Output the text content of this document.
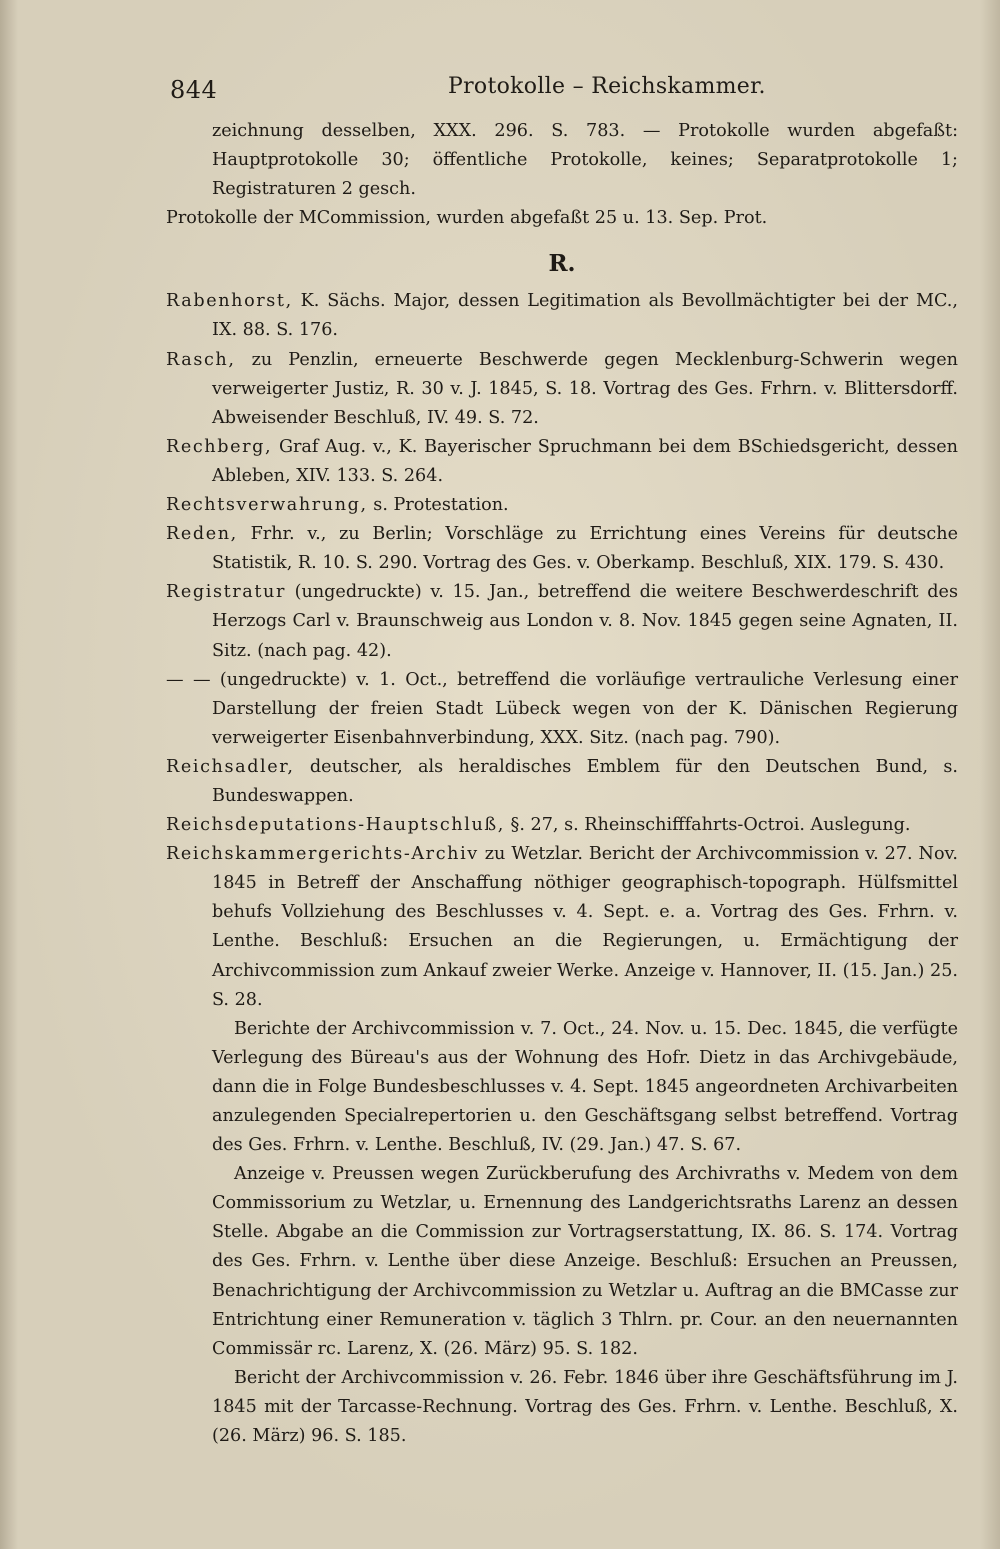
844	Protokolle – Reichskammer.

zeichnung desselben, XXX. 296. S. 783. — Protokolle wurden abgefaßt: Hauptprotokolle 30; öffentliche Protokolle, keines; Separatprotokolle 1; Registraturen 2 gesch.

Protokolle der MCommission, wurden abgefaßt 25 u. 13. Sep. Prot.

R.

Rabenhorst, K. Sächs. Major, dessen Legitimation als Bevollmächtigter bei der MC., IX. 88. S. 176.

Rasch, zu Penzlin, erneuerte Beschwerde gegen Mecklenburg-Schwerin wegen verweigerter Justiz, R. 30 v. J. 1845, S. 18. Vortrag des Ges. Frhrn. v. Blittersdorff. Abweisender Beschluß, IV. 49. S. 72.

Rechberg, Graf Aug. v., K. Bayerischer Spruchmann bei dem BSchiedsgericht, dessen Ableben, XIV. 133. S. 264.

Rechtsverwahrung, s. Protestation.

Reden, Frhr. v., zu Berlin; Vorschläge zu Errichtung eines Vereins für deutsche Statistik, R. 10. S. 290. Vortrag des Ges. v. Oberkamp. Beschluß, XIX. 179. S. 430.

Registratur (ungedruckte) v. 15. Jan., betreffend die weitere Beschwerdeschrift des Herzogs Carl v. Braunschweig aus London v. 8. Nov. 1845 gegen seine Agnaten, II. Sitz. (nach pag. 42).

— — (ungedruckte) v. 1. Oct., betreffend die vorläufige vertrauliche Verlesung einer Darstellung der freien Stadt Lübeck wegen von der K. Dänischen Regierung verweigerter Eisenbahnverbindung, XXX. Sitz. (nach pag. 790).

Reichsadler, deutscher, als heraldisches Emblem für den Deutschen Bund, s. Bundeswappen.

Reichsdeputations-Hauptschluß, §. 27, s. Rheinschifffahrts-Octroi. Auslegung.

Reichskammergerichts-Archiv zu Wetzlar. Bericht der Archivcommission v. 27. Nov. 1845 in Betreff der Anschaffung nöthiger geographisch-topograph. Hülfsmittel behufs Vollziehung des Beschlusses v. 4. Sept. e. a. Vortrag des Ges. Frhrn. v. Lenthe. Beschluß: Ersuchen an die Regierungen, u. Ermächtigung der Archivcommission zum Ankauf zweier Werke. Anzeige v. Hannover, II. (15. Jan.) 25. S. 28.

Berichte der Archivcommission v. 7. Oct., 24. Nov. u. 15. Dec. 1845, die verfügte Verlegung des Büreau's aus der Wohnung des Hofr. Dietz in das Archivgebäude, dann die in Folge Bundesbeschlusses v. 4. Sept. 1845 angeordneten Archivarbeiten anzulegenden Specialrepertorien u. den Geschäftsgang selbst betreffend. Vortrag des Ges. Frhrn. v. Lenthe. Beschluß, IV. (29. Jan.) 47. S. 67.

Anzeige v. Preussen wegen Zurückberufung des Archivraths v. Medem von dem Commissorium zu Wetzlar, u. Ernennung des Landgerichtsraths Larenz an dessen Stelle. Abgabe an die Commission zur Vortragserstattung, IX. 86. S. 174. Vortrag des Ges. Frhrn. v. Lenthe über diese Anzeige. Beschluß: Ersuchen an Preussen, Benachrichtigung der Archivcommission zu Wetzlar u. Auftrag an die BMCasse zur Entrichtung einer Remuneration v. täglich 3 Thlrn. pr. Cour. an den neuernannten Commissär rc. Larenz, X. (26. März) 95. S. 182.

Bericht der Archivcommission v. 26. Febr. 1846 über ihre Geschäftsführung im J. 1845 mit der Tarcasse-Rechnung. Vortrag des Ges. Frhrn. v. Lenthe. Beschluß, X. (26. März) 96. S. 185.
